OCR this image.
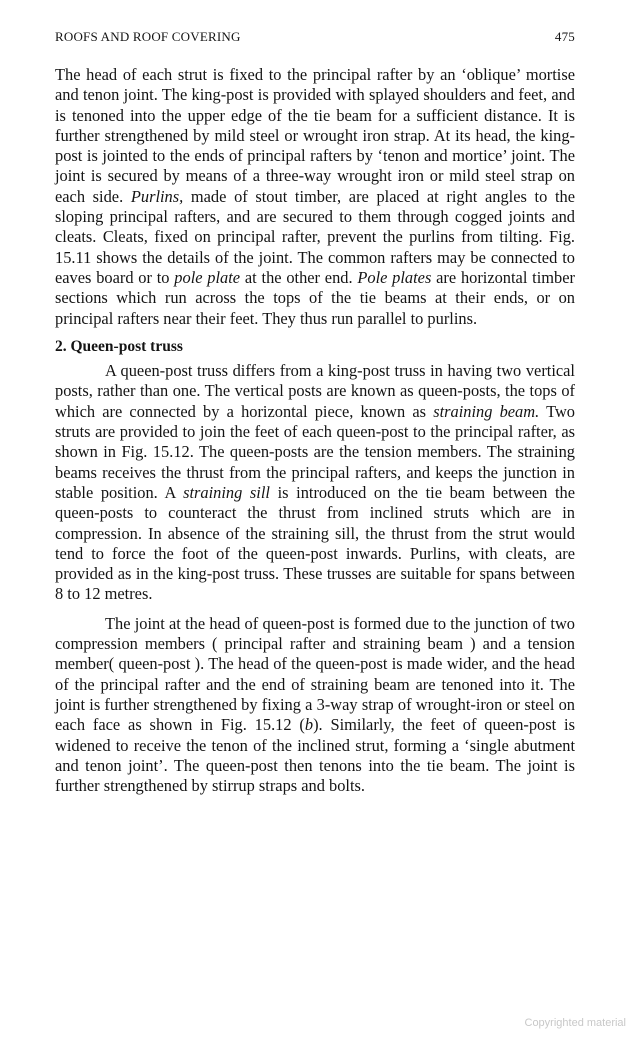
ROOFS AND ROOF COVERING	475

The head of each strut is fixed to the principal rafter by an ‘oblique’ mortise and tenon joint. The king-post is provided with splayed shoulders and feet, and is tenoned into the upper edge of the tie beam for a sufficient distance. It is further strengthened by mild steel or wrought iron strap. At its head, the king-post is jointed to the ends of principal rafters by ‘tenon and mortice’ joint. The joint is secured by means of a three-way wrought iron or mild steel strap on each side. Purlins, made of stout timber, are placed at right angles to the sloping principal rafters, and are secured to them through cogged joints and cleats. Cleats, fixed on principal rafter, prevent the purlins from tilting. Fig. 15.11 shows the details of the joint. The common rafters may be connected to eaves board or to pole plate at the other end. Pole plates are horizontal timber sections which run across the tops of the tie beams at their ends, or on principal rafters near their feet. They thus run parallel to purlins.

2. Queen-post truss

A queen-post truss differs from a king-post truss in having two vertical posts, rather than one. The vertical posts are known as queen-posts, the tops of which are connected by a horizontal piece, known as straining beam. Two struts are provided to join the feet of each queen-post to the principal rafter, as shown in Fig. 15.12. The queen-posts are the tension members. The straining beams receives the thrust from the principal rafters, and keeps the junction in stable position. A straining sill is introduced on the tie beam between the queen-posts to counteract the thrust from inclined struts which are in compression. In absence of the straining sill, the thrust from the strut would tend to force the foot of the queen-post inwards. Purlins, with cleats, are provided as in the king-post truss. These trusses are suitable for spans between 8 to 12 metres.

The joint at the head of queen-post is formed due to the junction of two compression members ( principal rafter and straining beam ) and a tension member( queen-post ). The head of the queen-post is made wider, and the head of the principal rafter and the end of straining beam are tenoned into it. The joint is further strengthened by fixing a 3-way strap of wrought-iron or steel on each face as shown in Fig. 15.12 (b). Similarly, the feet of queen-post is widened to receive the tenon of the inclined strut, forming a ‘single abutment and tenon joint’. The queen-post then tenons into the tie beam. The joint is further strengthened by stirrup straps and bolts.

Copyrighted material
